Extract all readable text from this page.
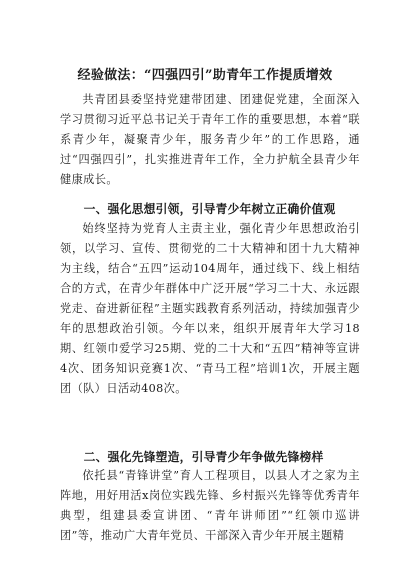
经验做法：“四强四引”助青年工作提质增效

共青团县委坚持党建带团建、团建促党建，全面深入学习贯彻习近平总书记关于青年工作的重要思想，本着“联系青少年，凝聚青少年，服务青少年”的工作思路，通过“四强四引”，扎实推进青年工作，全力护航全县青少年健康成长。

一、强化思想引领，引导青少年树立正确价值观

始终坚持为党育人主责主业，强化青少年思想政治引领，以学习、宣传、贯彻党的二十大精神和团十九大精神为主线，结合“五四”运动104周年，通过线下、线上相结合的方式，在青少年群体中广泛开展“学习二十大、永远跟党走、奋进新征程”主题实践教育系列活动，持续加强青少年的思想政治引领。今年以来，组织开展青年大学习18期、红领巾爱学习25期、党的二十大和“五四”精神等宣讲4次、团务知识竞赛1次、“青马工程”培训1次，开展主题团（队）日活动408次。

二、强化先锋塑造，引导青少年争做先锋榜样

依托县“青锋讲堂”育人工程项目，以县人才之家为主阵地，用好用活x岗位实践先锋、乡村振兴先锋等优秀青年典型，组建县委宣讲团、“青年讲师团”“红领巾巡讲团”等，推动广大青年党员、干部深入青少年开展主题精
